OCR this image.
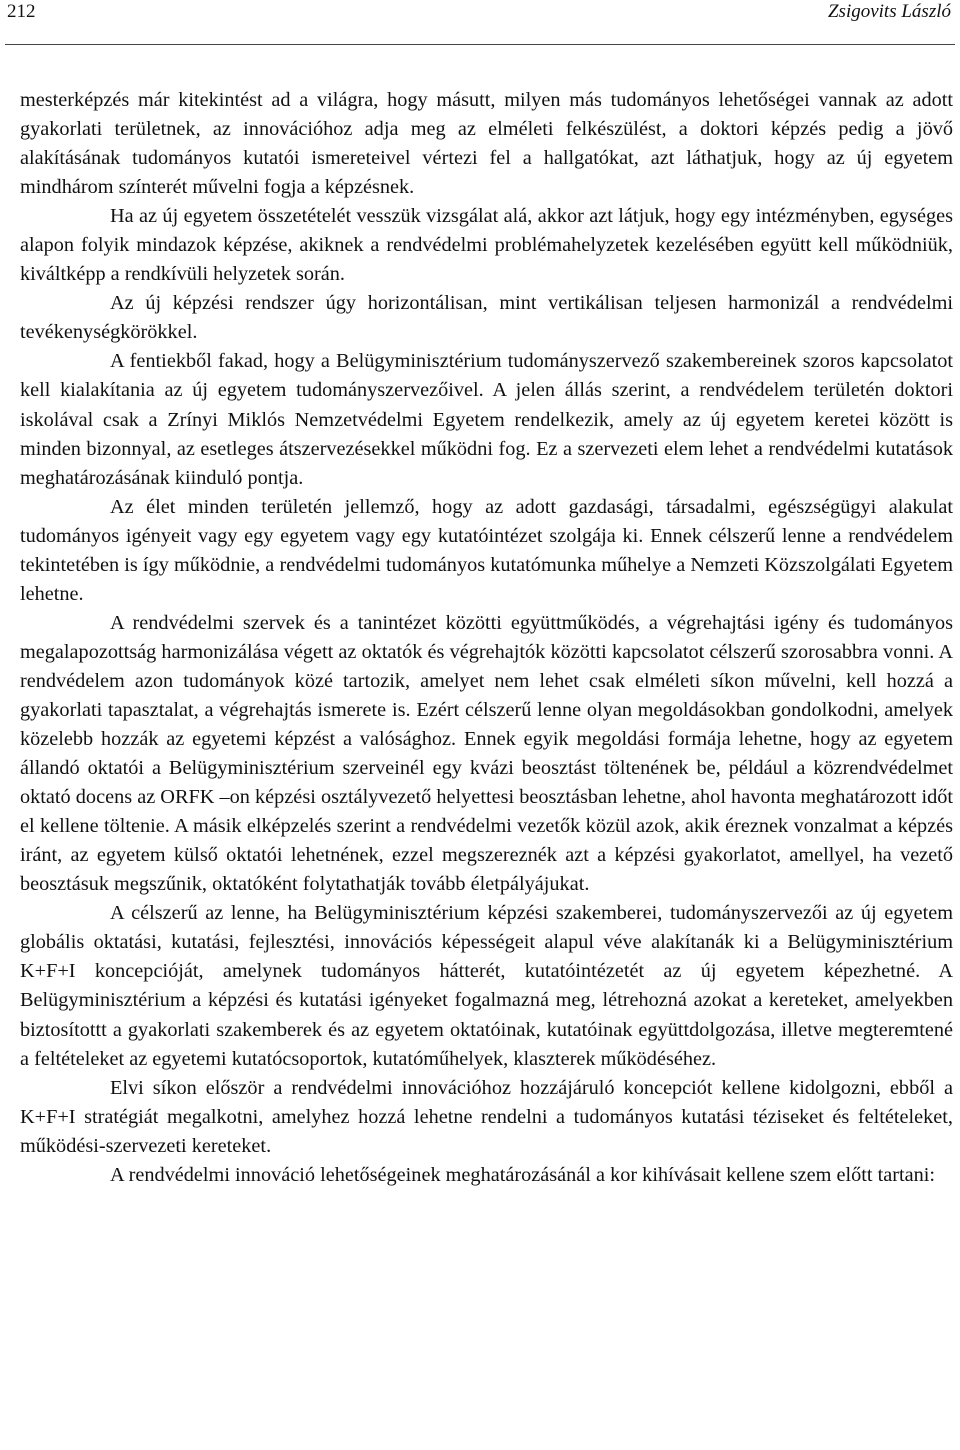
212	Zsigovits László

mesterképzés már kitekintést ad a világra, hogy másutt, milyen más tudományos lehetőségei vannak az adott gyakorlati területnek, az innovációhoz adja meg az elméleti felkészülést, a doktori képzés pedig a jövő alakításának tudományos kutatói ismereteivel vértezi fel a hallgatókat, azt láthatjuk, hogy az új egyetem mindhárom színterét művelni fogja a képzésnek.

Ha az új egyetem összetételét vesszük vizsgálat alá, akkor azt látjuk, hogy egy intézményben, egységes alapon folyik mindazok képzése, akiknek a rendvédelmi problémahelyzetek kezelésében együtt kell működniük, kiváltképp a rendkívüli helyzetek során.

Az új képzési rendszer úgy horizontálisan, mint vertikálisan teljesen harmonizál a rendvédelmi tevékenységkörökkel.

A fentiekből fakad, hogy a Belügyminisztérium tudományszervező szakembereinek szoros kapcsolatot kell kialakítania az új egyetem tudományszervezőivel. A jelen állás szerint, a rendvédelem területén doktori iskolával csak a Zrínyi Miklós Nemzetvédelmi Egyetem rendelkezik, amely az új egyetem keretei között is minden bizonnyal, az esetleges átszervezésekkel működni fog. Ez a szervezeti elem lehet a rendvédelmi kutatások meghatározásának kiinduló pontja.

Az élet minden területén jellemző, hogy az adott gazdasági, társadalmi, egészségügyi alakulat tudományos igényeit vagy egy egyetem vagy egy kutatóintézet szolgája ki. Ennek célszerű lenne a rendvédelem tekintetében is így működnie, a rendvédelmi tudományos kutatómunka műhelye a Nemzeti Közszolgálati Egyetem lehetne.

A rendvédelmi szervek és a tanintézet közötti együttműködés, a végrehajtási igény és tudományos megalapozottság harmonizálása végett az oktatók és végrehajtók közötti kapcsolatot célszerű szorosabbra vonni. A rendvédelem azon tudományok közé tartozik, amelyet nem lehet csak elméleti síkon művelni, kell hozzá a gyakorlati tapasztalat, a végrehajtás ismerete is. Ezért célszerű lenne olyan megoldásokban gondolkodni, amelyek közelebb hozzák az egyetemi képzést a valósághoz. Ennek egyik megoldási formája lehetne, hogy az egyetem állandó oktatói a Belügyminisztérium szerveinél egy kvázi beosztást töltenének be, például a közrendvédelmet oktató docens az ORFK –on képzési osztályvezető helyettesi beosztásban lehetne, ahol havonta meghatározott időt el kellene töltenie. A másik elképzelés szerint a rendvédelmi vezetők közül azok, akik éreznek vonzalmat a képzés iránt, az egyetem külső oktatói lehetnének, ezzel megszereznék azt a képzési gyakorlatot, amellyel, ha vezető beosztásuk megszűnik, oktatóként folytathatják tovább életpályájukat.

A célszerű az lenne, ha Belügyminisztérium képzési szakemberei, tudományszervezői az új egyetem globális oktatási, kutatási, fejlesztési, innovációs képességeit alapul véve alakítanák ki a Belügyminisztérium K+F+I koncepcióját, amelynek tudományos hátterét, kutatóintézetét az új egyetem képezhetné. A Belügyminisztérium a képzési és kutatási igényeket fogalmazná meg, létrehozná azokat a kereteket, amelyekben biztosítottt a gyakorlati szakemberek és az egyetem oktatóinak, kutatóinak együttdolgozása, illetve megteremtené a feltételeket az egyetemi kutatócsoportok, kutatóműhelyek, klaszterek működéséhez.

Elvi síkon először a rendvédelmi innovációhoz hozzájáruló koncepciót kellene kidolgozni, ebből a K+F+I stratégiát megalkotni, amelyhez hozzá lehetne rendelni a tudományos kutatási téziseket és feltételeket, működési-szervezeti kereteket.

A rendvédelmi innováció lehetőségeinek meghatározásánál a kor kihívásait kellene szem előtt tartani:
